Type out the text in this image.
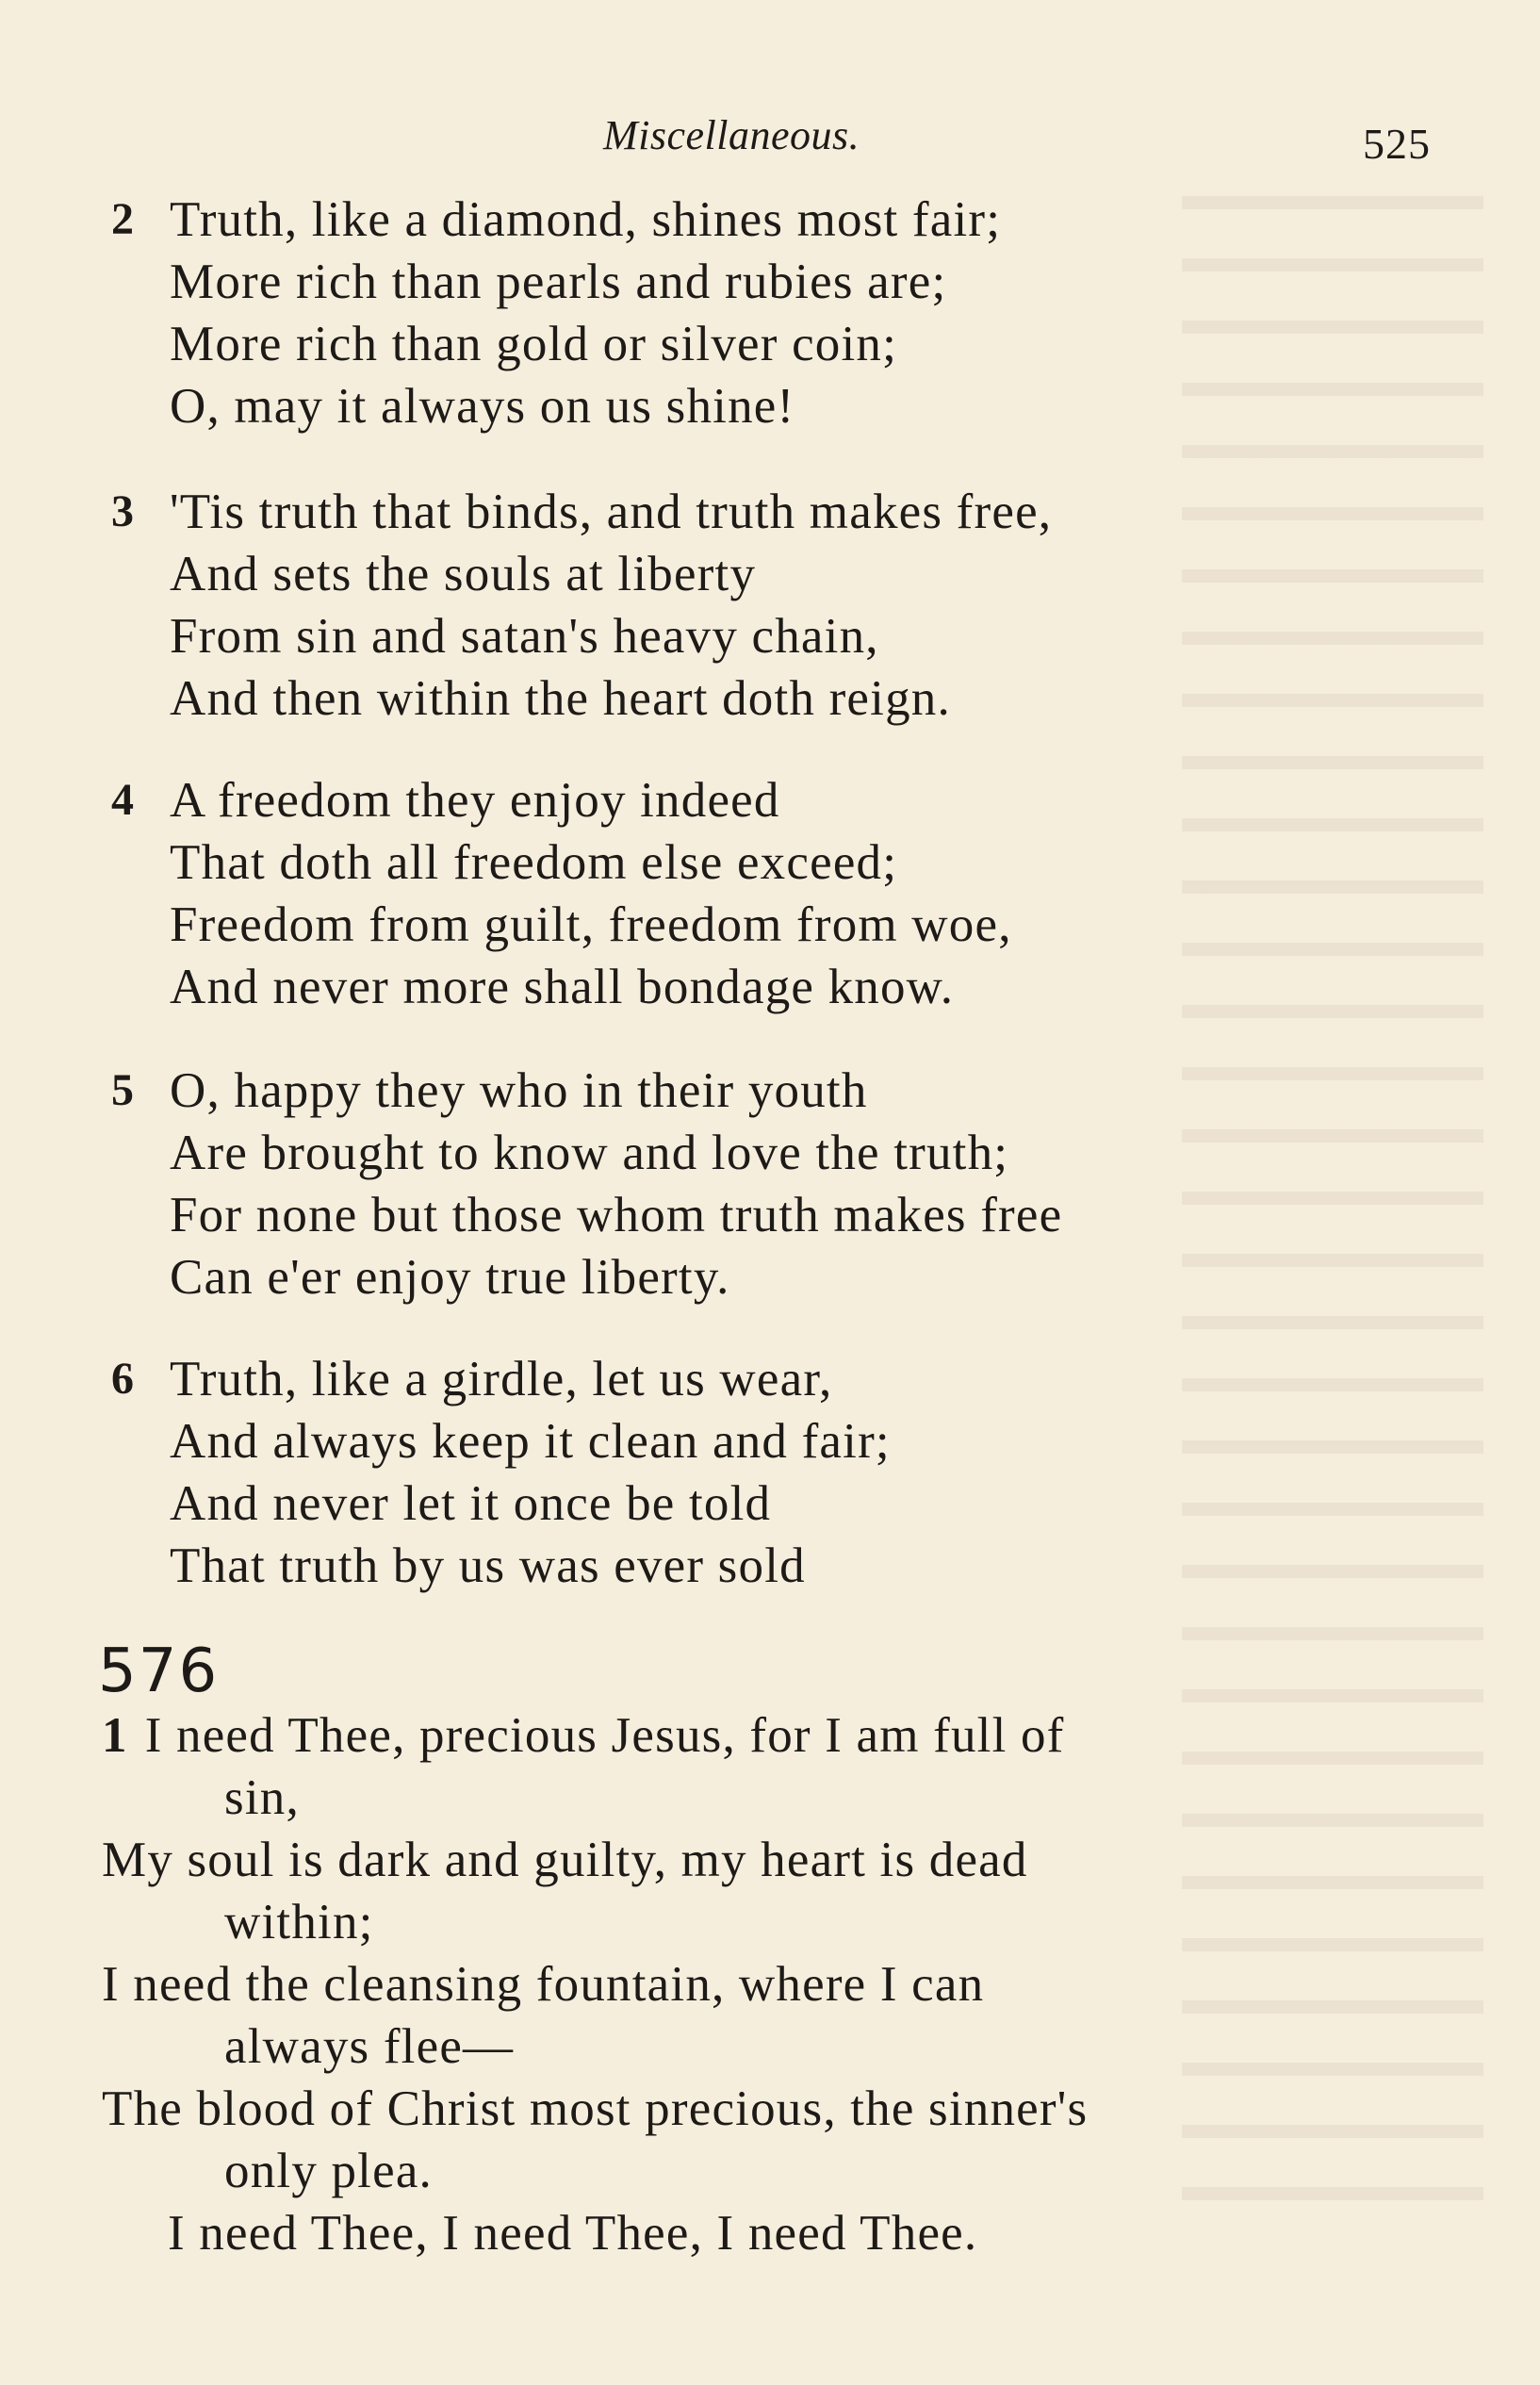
Miscellaneous.	525
2 Truth, like a diamond, shines most fair;
More rich than pearls and rubies are;
More rich than gold or silver coin;
O, may it always on us shine!
3 'Tis truth that binds, and truth makes free,
And sets the souls at liberty
From sin and satan's heavy chain,
And then within the heart doth reign.
4 A freedom they enjoy indeed
That doth all freedom else exceed;
Freedom from guilt, freedom from woe,
And never more shall bondage know.
5 O, happy they who in their youth
Are brought to know and love the truth;
For none but those whom truth makes free
Can e'er enjoy true liberty.
6 Truth, like a girdle, let us wear,
And always keep it clean and fair;
And never let it once be told
That truth by us was ever sold
576
1 I need Thee, precious Jesus, for I am full of
sin,
My soul is dark and guilty, my heart is dead
within;
I need the cleansing fountain, where I can
always flee—
The blood of Christ most precious, the sinner's
only plea.
I need Thee, I need Thee, I need Thee.
